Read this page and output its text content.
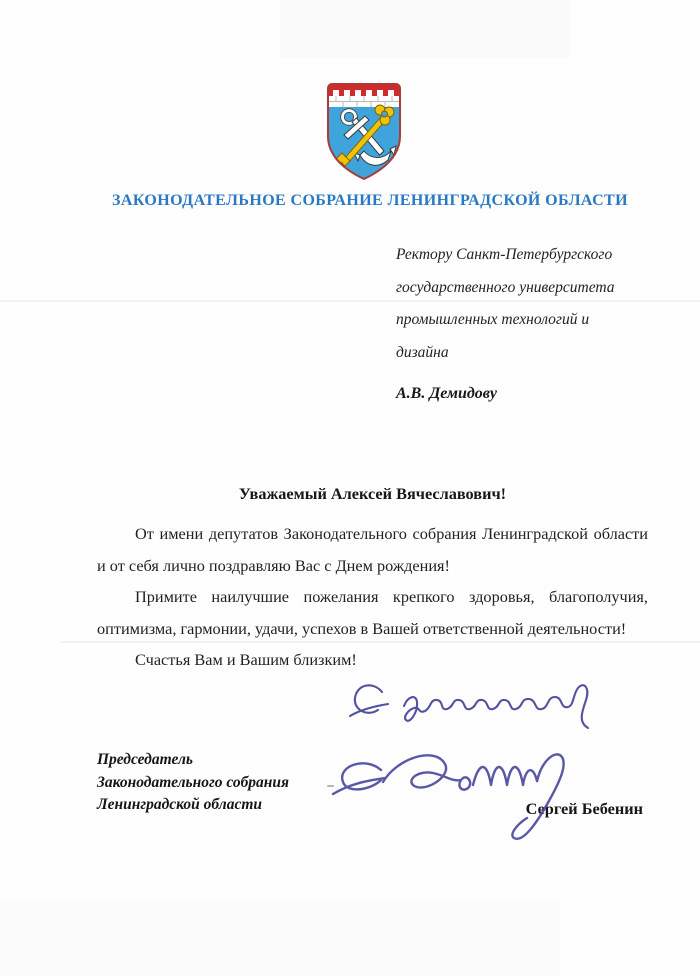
ЗАКОНОДАТЕЛЬНОЕ СОБРАНИЕ ЛЕНИНГРАДСКОЙ ОБЛАСТИ
Ректору Санкт-Петербургского
государственного университета
промышленных технологий и
дизайна
А.В. Демидову
Уважаемый Алексей Вячеславович!

От имени депутатов Законодательного собрания Ленинградской области и от себя лично поздравляю Вас с Днем рождения!

Примите наилучшие пожелания крепкого здоровья, благополучия, оптимизма, гармонии, удачи, успехов в Вашей ответственной деятельности!

Счастья Вам и Вашим близким!

Председатель
Законодательного собрания
Ленинградской области	Сергей Бебенин
